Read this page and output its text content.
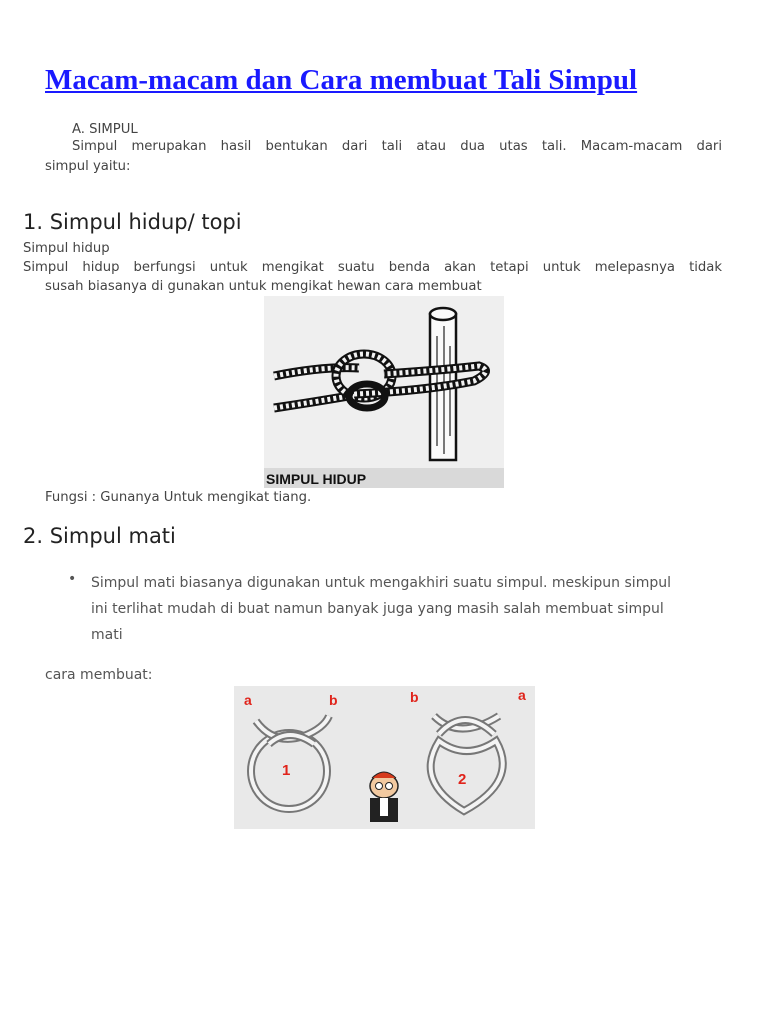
Macam-macam dan Cara membuat Tali Simpul
A. SIMPUL
Simpul merupakan hasil bentukan dari tali atau dua utas tali. Macam-macam dari
simpul yaitu:
1. Simpul hidup/ topi
Simpul hidup
Simpul hidup berfungsi untuk mengikat suatu benda akan tetapi untuk melepasnya tidak
susah biasanya di gunakan untuk mengikat hewan cara membuat
SIMPUL HIDUP
Fungsi : Gunanya Untuk mengikat tiang.
2. Simpul mati
• Simpul mati biasanya digunakan untuk mengakhiri suatu simpul. meskipun simpul
ini terlihat mudah di buat namun banyak juga yang masih salah membuat simpul
mati
cara membuat:
a	b
1
b	a
2
